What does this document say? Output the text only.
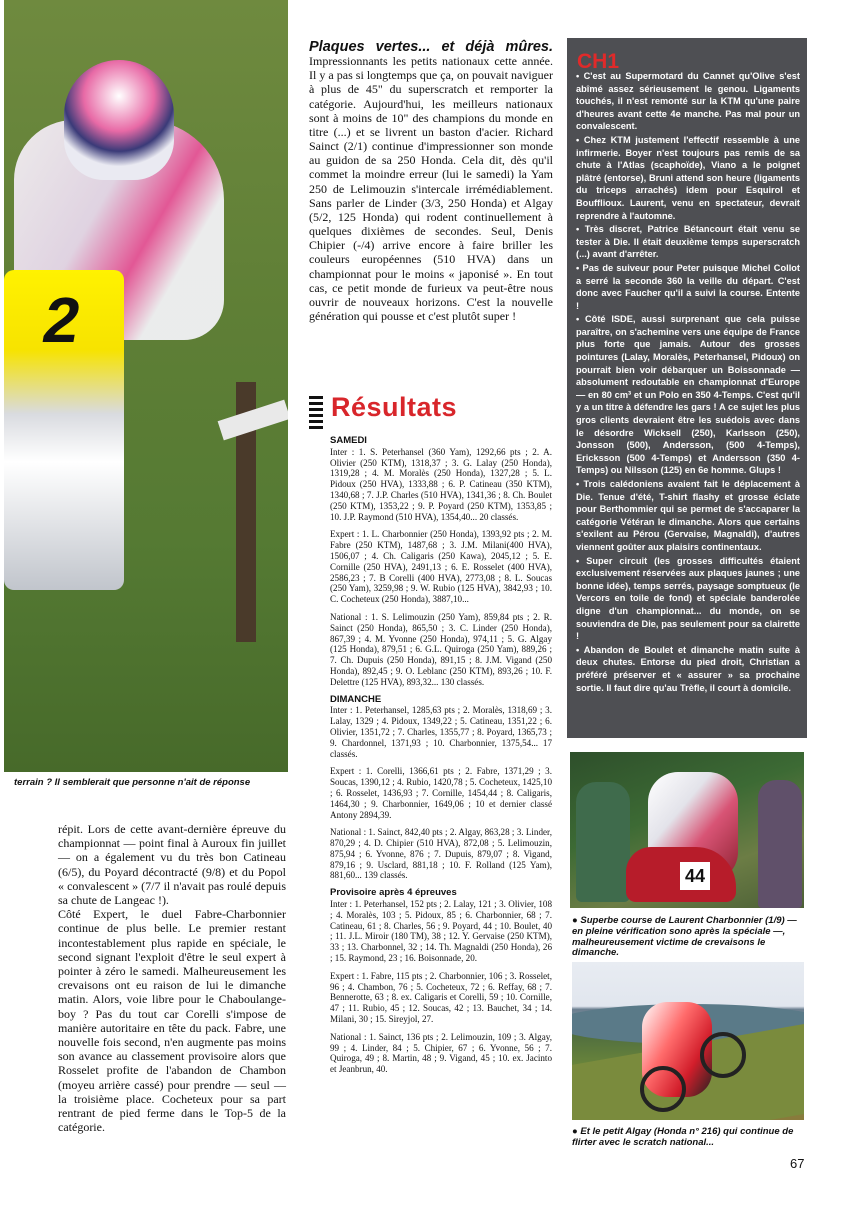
2
terrain ? Il semblerait que personne n'ait de réponse

répit. Lors de cette avant-dernière épreuve du championnat — point final à Auroux fin juillet — on a également vu du très bon Catineau (6/5), du Poyard décontracté (9/8) et du Popol « convalescent » (7/7 il n'avait pas roulé depuis sa chute de Langeac !).

Côté Expert, le duel Fabre-Charbonnier continue de plus belle. Le premier restant incontestablement plus rapide en spéciale, le second signant l'exploit d'être le seul expert à pointer à zéro le samedi. Malheureusement les crevaisons ont eu raison de lui le dimanche matin. Alors, voie libre pour le Chaboulange-boy ? Pas du tout car Corelli s'impose de manière autoritaire en tête du pack. Fabre, une nouvelle fois second, n'en augmente pas moins son avance au classement provisoire alors que Rosselet profite de l'abandon de Chambon (moyeu arrière cassé) pour prendre — seul — la troisième place. Cocheteux pour sa part rentrant de pied ferme dans le Top-5 de la catégorie.

Plaques vertes... et déjà mûres. Impressionnants les petits nationaux cette année. Il y a pas si longtemps que ça, on pouvait naviguer à plus de 45" du superscratch et remporter la catégorie. Aujourd'hui, les meilleurs nationaux sont à moins de 10" des champions du monde en titre (...) et se livrent un baston d'acier. Richard Sainct (2/1) continue d'impressionner son monde au guidon de sa 250 Honda. Cela dit, dès qu'il commet la moindre erreur (lui le samedi) la Yam 250 de Lelimouzin s'intercale irrémédiablement. Sans parler de Linder (3/3, 250 Honda) et Algay (5/2, 125 Honda) qui rodent continuellement à quelques dixièmes de secondes. Seul, Denis Chipier (-/4) arrive encore à faire briller les couleurs européennes (510 HVA) dans un championnat pour le moins « japonisé ». En tout cas, ce petit monde de furieux va peut-être nous ouvrir de nouveaux horizons. C'est la nouvelle génération qui pousse et c'est plutôt super !
Résultats
SAMEDI

Inter : 1. S. Peterhansel (360 Yam), 1292,66 pts ; 2. A. Olivier (250 KTM), 1318,37 ; 3. G. Lalay (250 Honda), 1319,28 ; 4. M. Moralès (250 Honda), 1327,28 ; 5. L. Pidoux (250 HVA), 1333,88 ; 6. P. Catineau (350 KTM), 1340,68 ; 7. J.P. Charles (510 HVA), 1341,36 ; 8. Ch. Boulet (250 KTM), 1353,22 ; 9. P. Poyard (250 KTM), 1353,85 ; 10. J.P. Raymond (510 HVA), 1354,40... 20 classés.

Expert : 1. L. Charbonnier (250 Honda), 1393,92 pts ; 2. M. Fabre (250 KTM), 1487,68 ; 3. J.M. Milani(400 HVA), 1506,07 ; 4. Ch. Caligaris (250 Kawa), 2045,12 ; 5. E. Cornille (250 HVA), 2491,13 ; 6. E. Rosselet (400 HVA), 2586,23 ; 7. B Corelli (400 HVA), 2773,08 ; 8. L. Soucas (250 Yam), 3259,98 ; 9. W. Rubio (125 HVA), 3842,93 ; 10. C. Cocheteux (250 Honda), 3887,10...

National : 1. S. Lelimouzin (250 Yam), 859,84 pts ; 2. R. Sainct (250 Honda), 865,50 ; 3. C. Linder (250 Honda), 867,39 ; 4. M. Yvonne (250 Honda), 974,11 ; 5. G. Algay (125 Honda), 879,51 ; 6. G.L. Quiroga (250 Yam), 889,26 ; 7. Ch. Dupuis (250 Honda), 891,15 ; 8. J.M. Vigand (250 Honda), 892,45 ; 9. O. Leblanc (250 KTM), 893,26 ; 10. F. Delettre (125 HVA), 893,32... 130 classés.

DIMANCHE

Inter : 1. Peterhansel, 1285,63 pts ; 2. Moralès, 1318,69 ; 3. Lalay, 1329 ; 4. Pidoux, 1349,22 ; 5. Catineau, 1351,22 ; 6. Olivier, 1351,72 ; 7. Charles, 1355,77 ; 8. Poyard, 1365,73 ; 9. Chardonnel, 1371,93 ; 10. Charbonnier, 1375,54... 17 classés.

Expert : 1. Corelli, 1366,61 pts ; 2. Fabre, 1371,29 ; 3. Soucas, 1390,12 ; 4. Rubio, 1420,78 ; 5. Cocheteux, 1425,10 ; 6. Rosselet, 1436,93 ; 7. Cornille, 1454,44 ; 8. Caligaris, 1464,30 ; 9. Charbonnier, 1649,06 ; 10 et dernier classé Antony 2894,39.

National : 1. Sainct, 842,40 pts ; 2. Algay, 863,28 ; 3. Linder, 870,29 ; 4. D. Chipier (510 HVA), 872,08 ; 5. Lelimouzin, 875,94 ; 6. Yvonne, 876 ; 7. Dupuis, 879,07 ; 8. Vigand, 879,16 ; 9. Usclard, 881,18 ; 10. F. Rolland (125 Yam), 881,60... 139 classés.

Provisoire après 4 épreuves

Inter : 1. Peterhansel, 152 pts ; 2. Lalay, 121 ; 3. Olivier, 108 ; 4. Moralès, 103 ; 5. Pidoux, 85 ; 6. Charbonnier, 68 ; 7. Catineau, 61 ; 8. Charles, 56 ; 9. Poyard, 44 ; 10. Boulet, 40 ; 11. J.L. Miroir (180 TM), 38 ; 12. Y. Gervaise (250 KTM), 33 ; 13. Charbonnel, 32 ; 14. Th. Magnaldi (250 Honda), 26 ; 15. Raymond, 23 ; 16. Boisonnade, 20.

Expert : 1. Fabre, 115 pts ; 2. Charbonnier, 106 ; 3. Rosselet, 96 ; 4. Chambon, 76 ; 5. Cocheteux, 72 ; 6. Reffay, 68 ; 7. Bennerotte, 63 ; 8. ex. Caligaris et Corelli, 59 ; 10. Cornille, 47 ; 11. Rubio, 45 ; 12. Soucas, 42 ; 13. Bauchet, 34 ; 14. Milani, 30 ; 15. Sireyjol, 27.

National : 1. Sainct, 136 pts ; 2. Lelimouzin, 109 ; 3. Algay, 99 ; 4. Linder, 84 ; 5. Chipier, 67 ; 6. Yvonne, 56 ; 7. Quiroga, 49 ; 8. Martin, 48 ; 9. Vigand, 45 ; 10. ex. Jacinto et Jeanbrun, 40.

CH1

• C'est au Supermotard du Cannet qu'Olive s'est abîmé assez sérieusement le genou. Ligaments touchés, il n'est remonté sur la KTM qu'une paire d'heures avant cette 4e manche. Pas mal pour un convalescent.

• Chez KTM justement l'effectif ressemble à une infirmerie. Boyer n'est toujours pas remis de sa chute à l'Atlas (scaphoïde), Viano a le poignet plâtré (entorse), Bruni attend son heure (ligaments du triceps arrachés) idem pour Esquirol et Boufflioux. Laurent, venu en spectateur, devrait reprendre à l'automne.

• Très discret, Patrice Bétancourt était venu se tester à Die. Il était deuxième temps superscratch (...) avant d'arrêter.

• Pas de suiveur pour Peter puisque Michel Collot a serré la seconde 360 la veille du départ. C'est donc avec Faucher qu'il a suivi la course. Entente !

• Côté ISDE, aussi surprenant que cela puisse paraître, on s'achemine vers une équipe de France plus forte que jamais. Autour des grosses pointures (Lalay, Moralès, Peterhansel, Pidoux) on pourrait bien voir débarquer un Boissonnade — absolument redoutable en championnat d'Europe — en 80 cm³ et un Polo en 350 4-Temps. C'est qu'il y a un titre à défendre les gars ! A ce sujet les plus gros clients devraient être les suédois avec dans le désordre Wicksell (250), Karlsson (250), Jonsson (500), Andersson, (500 4-Temps), Ericksson (500 4-Temps) et Andersson (350 4-Temps) ou Nilsson (125) en 6e homme. Glups !

• Trois calédoniens avaient fait le déplacement à Die. Tenue d'été, T-shirt flashy et grosse éclate pour Berthommier qui se permet de s'accaparer la catégorie Vétéran le dimanche. Alors que certains s'exilent au Pérou (Gervaise, Magnaldi), d'autres viennent goûter aux plaisirs continentaux.

• Super circuit (les grosses difficultés étaient exclusivement réservées aux plaques jaunes ; une bonne idée), temps serrés, paysage somptueux (le Vercors en toile de fond) et spéciale banderolée digne d'un championnat... du monde, on se souviendra de Die, pas seulement pour sa clairette !

• Abandon de Boulet et dimanche matin suite à deux chutes. Entorse du pied droit, Christian a préféré préserver et « assurer » sa prochaine sortie. Il faut dire qu'au Trèfle, il court à domicile.

44
● Superbe course de Laurent Charbonnier (1/9) — en pleine vérification sono après la spéciale —, malheureusement victime de crevaisons le dimanche.
● Et le petit Algay (Honda n° 216) qui continue de flirter avec le scratch national...
67
